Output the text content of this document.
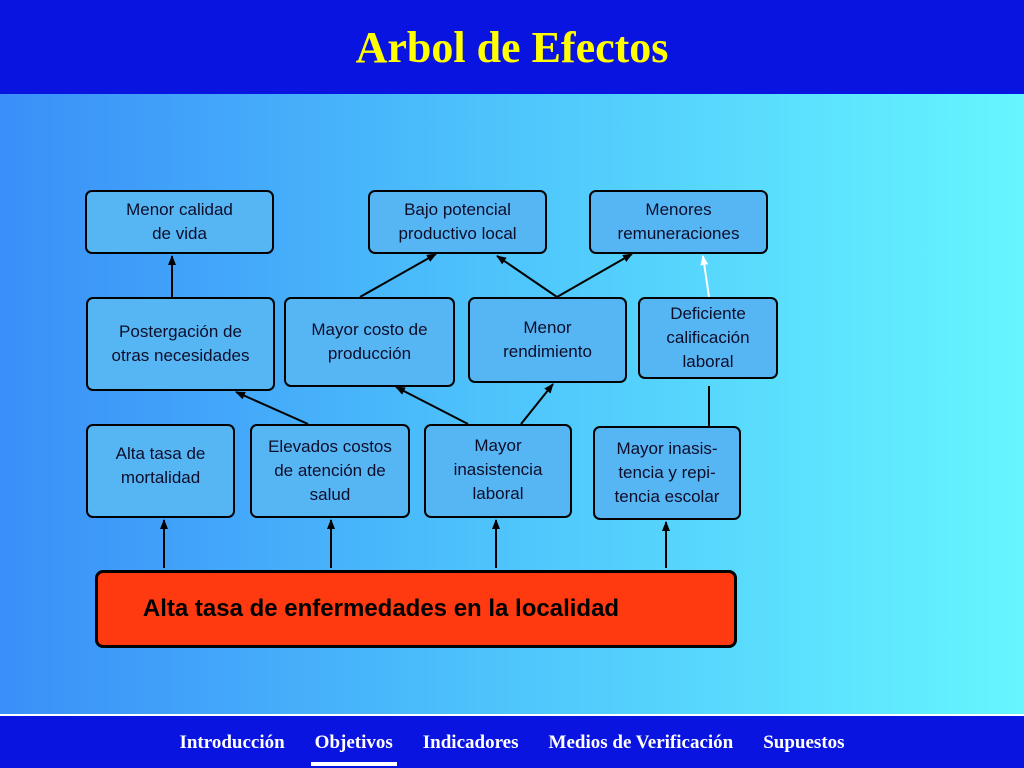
Arbol de Efectos
Menor calidad
de vida
Bajo potencial
productivo local
Menores
remuneraciones
Postergación de
otras necesidades
Mayor costo de
producción
Menor
rendimiento
Deficiente
calificación
laboral
Alta tasa de
mortalidad
Elevados costos
de atención de
salud
Mayor
inasistencia
laboral
Mayor inasis-
tencia y repi-
tencia escolar
Alta tasa de enfermedades en la localidad
Introducción Objetivos Indicadores Medios de Verificación Supuestos
